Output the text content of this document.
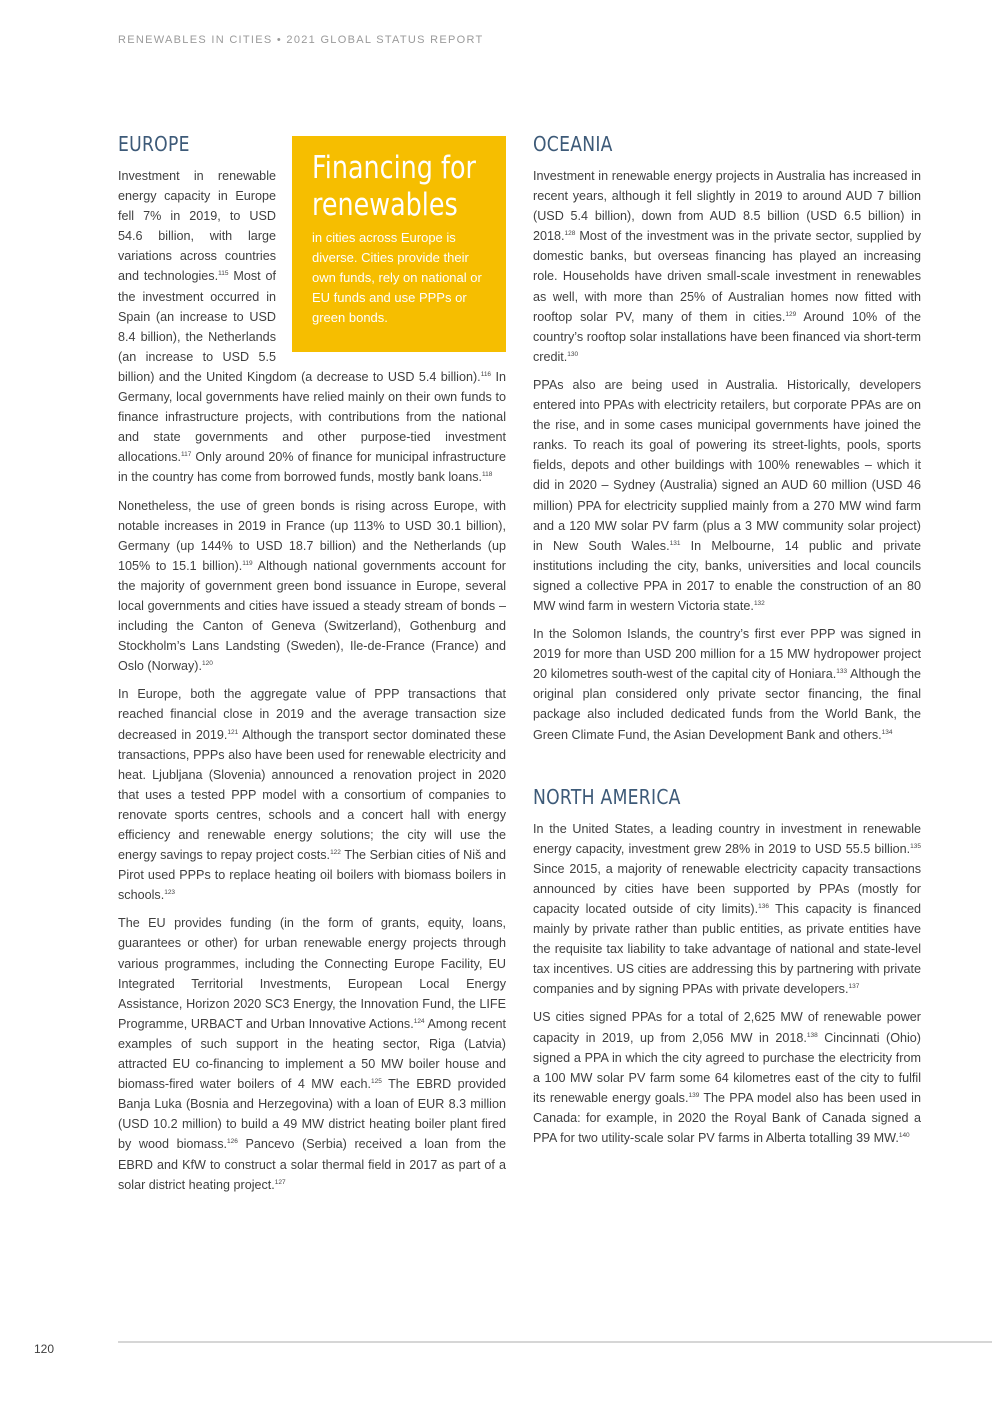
RENEWABLES IN CITIES • 2021 GLOBAL STATUS REPORT
EUROPE
Financing for
renewables

in cities across Europe is diverse. Cities provide their own funds, rely on national or EU funds and use PPPs or green bonds.

Investment in renewable energy capacity in Europe fell 7% in 2019, to USD 54.6 billion, with large variations across countries and technologies.$^{115}$ Most of the investment occurred in Spain (an increase to USD 8.4 billion), the Netherlands (an increase to USD 5.5 billion) and the United Kingdom (a decrease to USD 5.4 billion).$^{116}$ In Germany, local governments have relied mainly on their own funds to finance infrastructure projects, with contributions from the national and state governments and other purpose-tied investment allocations.$^{117}$ Only around 20% of finance for municipal infrastructure in the country has come from borrowed funds, mostly bank loans.$^{118}$

Nonetheless, the use of green bonds is rising across Europe, with notable increases in 2019 in France (up 113% to USD 30.1 billion), Germany (up 144% to USD 18.7 billion) and the Netherlands (up 105% to 15.1 billion).$^{119}$ Although national governments account for the majority of government green bond issuance in Europe, several local governments and cities have issued a steady stream of bonds – including the Canton of Geneva (Switzerland), Gothenburg and Stockholm’s Lans Landsting (Sweden), Ile-de-France (France) and Oslo (Norway).$^{120}$

In Europe, both the aggregate value of PPP transactions that reached financial close in 2019 and the average transaction size decreased in 2019.$^{121}$ Although the transport sector dominated these transactions, PPPs also have been used for renewable electricity and heat. Ljubljana (Slovenia) announced a renovation project in 2020 that uses a tested PPP model with a consortium of companies to renovate sports centres, schools and a concert hall with energy efficiency and renewable energy solutions; the city will use the energy savings to repay project costs.$^{122}$ The Serbian cities of Niš and Pirot used PPPs to replace heating oil boilers with biomass boilers in schools.$^{123}$

The EU provides funding (in the form of grants, equity, loans, guarantees or other) for urban renewable energy projects through various programmes, including the Connecting Europe Facility, EU Integrated Territorial Investments, European Local Energy Assistance, Horizon 2020 SC3 Energy, the Innovation Fund, the LIFE Programme, URBACT and Urban Innovative Actions.$^{124}$ Among recent examples of such support in the heating sector, Riga (Latvia) attracted EU co-financing to implement a 50 MW boiler house and biomass-fired water boilers of 4 MW each.$^{125}$ The EBRD provided Banja Luka (Bosnia and Herzegovina) with a loan of EUR 8.3 million (USD 10.2 million) to build a 49 MW district heating boiler plant fired by wood biomass.$^{126}$ Pancevo (Serbia) received a loan from the EBRD and KfW to construct a solar thermal field in 2017 as part of a solar district heating project.$^{127}$

OCEANIA

Investment in renewable energy projects in Australia has increased in recent years, although it fell slightly in 2019 to around AUD 7 billion (USD 5.4 billion), down from AUD 8.5 billion (USD 6.5 billion) in 2018.$^{128}$ Most of the investment was in the private sector, supplied by domestic banks, but overseas financing has played an increasing role. Households have driven small-scale investment in renewables as well, with more than 25% of Australian homes now fitted with rooftop solar PV, many of them in cities.$^{129}$ Around 10% of the country’s rooftop solar installations have been financed via short-term credit.$^{130}$

PPAs also are being used in Australia. Historically, developers entered into PPAs with electricity retailers, but corporate PPAs are on the rise, and in some cases municipal governments have joined the ranks. To reach its goal of powering its street-lights, pools, sports fields, depots and other buildings with 100% renewables – which it did in 2020 – Sydney (Australia) signed an AUD 60 million (USD 46 million) PPA for electricity supplied mainly from a 270 MW wind farm and a 120 MW solar PV farm (plus a 3 MW community solar project) in New South Wales.$^{131}$ In Melbourne, 14 public and private institutions including the city, banks, universities and local councils signed a collective PPA in 2017 to enable the construction of an 80 MW wind farm in western Victoria state.$^{132}$

In the Solomon Islands, the country’s first ever PPP was signed in 2019 for more than USD 200 million for a 15 MW hydropower project 20 kilometres south-west of the capital city of Honiara.$^{133}$ Although the original plan considered only private sector financing, the final package also included dedicated funds from the World Bank, the Green Climate Fund, the Asian Development Bank and others.$^{134}$

NORTH AMERICA

In the United States, a leading country in investment in renewable energy capacity, investment grew 28% in 2019 to USD 55.5 billion.$^{135}$ Since 2015, a majority of renewable electricity capacity transactions announced by cities have been supported by PPAs (mostly for capacity located outside of city limits).$^{136}$ This capacity is financed mainly by private rather than public entities, as private entities have the requisite tax liability to take advantage of national and state-level tax incentives. US cities are addressing this by partnering with private companies and by signing PPAs with private developers.$^{137}$

US cities signed PPAs for a total of 2,625 MW of renewable power capacity in 2019, up from 2,056 MW in 2018.$^{138}$ Cincinnati (Ohio) signed a PPA in which the city agreed to purchase the electricity from a 100 MW solar PV farm some 64 kilometres east of the city to fulfil its renewable energy goals.$^{139}$ The PPA model also has been used in Canada: for example, in 2020 the Royal Bank of Canada signed a PPA for two utility-scale solar PV farms in Alberta totalling 39 MW.$^{140}$

120
